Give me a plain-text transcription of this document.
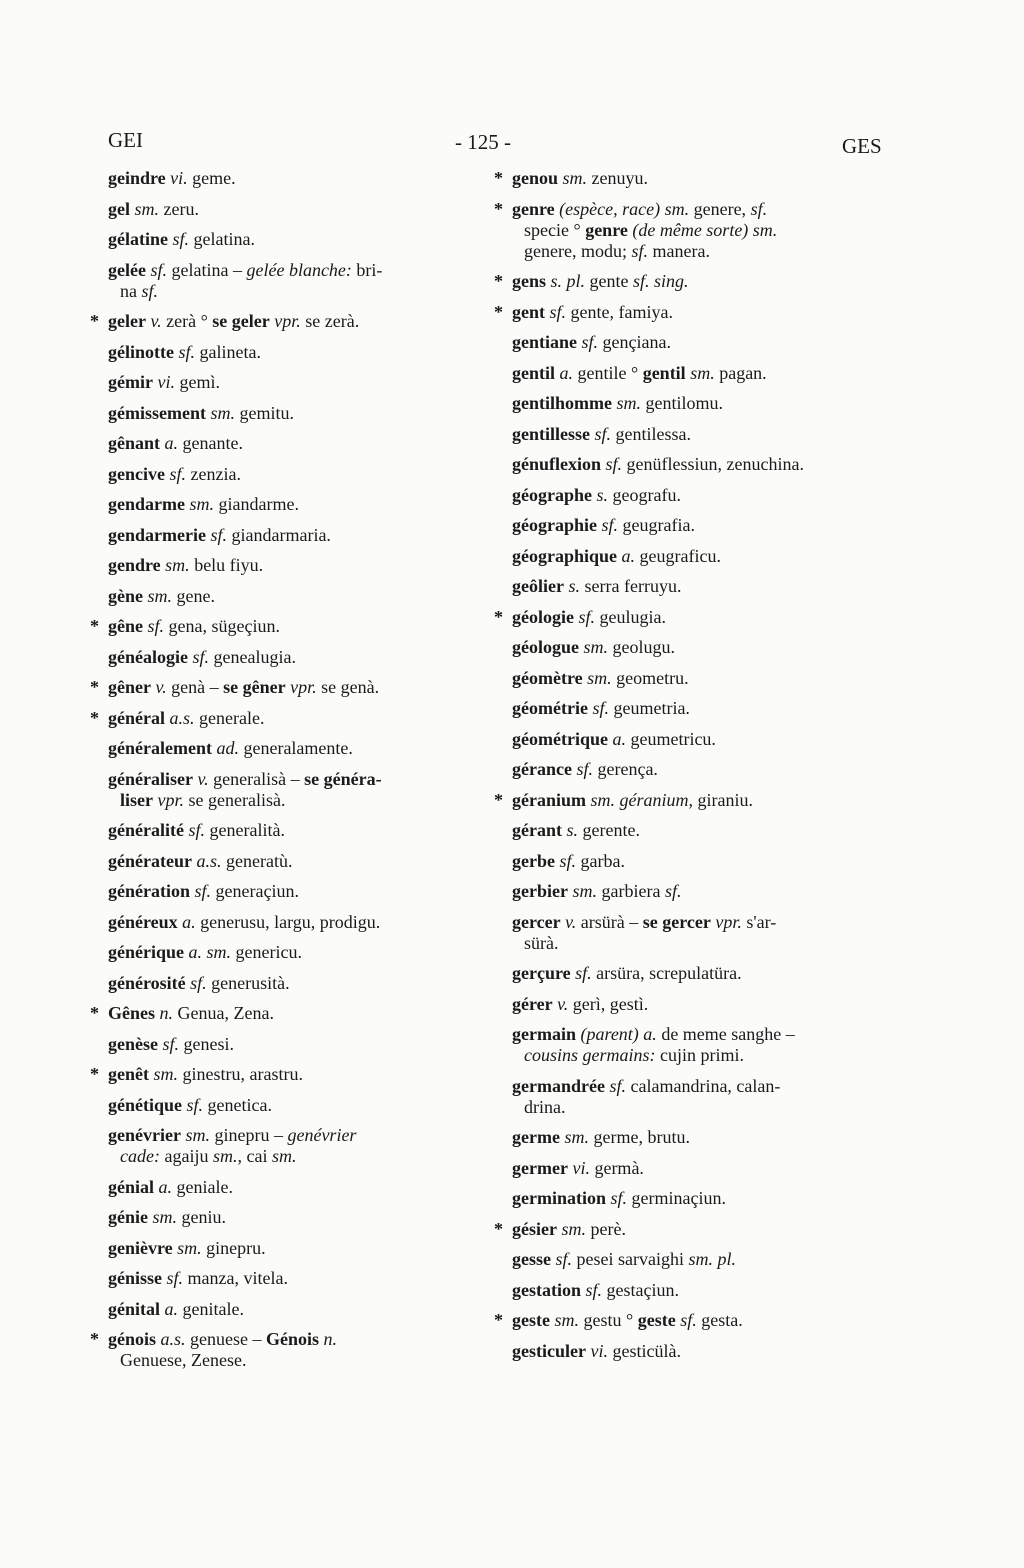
GEI	- 125 -	GES
geindre vi. geme.
gel sm. zeru.
gélatine sf. gelatina.
gelée sf. gelatina – gelée blanche: bri-
na sf.
* geler v. zerà ° se geler vpr. se zerà.
gélinotte sf. galineta.
gémir vi. gemì.
gémissement sm. gemitu.
gênant a. genante.
gencive sf. zenzia.
gendarme sm. giandarme.
gendarmerie sf. giandarmaria.
gendre sm. belu fiyu.
gène sm. gene.
* gêne sf. gena, sügeçiun.
généalogie sf. genealugia.
* gêner v. genà – se gêner vpr. se genà.
* général a.s. generale.
généralement ad. generalamente.
généraliser v. generalisà – se généra-
liser vpr. se generalisà.
généralité sf. generalità.
générateur a.s. generatù.
génération sf. generaçiun.
généreux a. generusu, largu, prodigu.
générique a. sm. genericu.
générosité sf. generusità.
* Gênes n. Genua, Zena.
genèse sf. genesi.
* genêt sm. ginestru, arastru.
génétique sf. genetica.
genévrier sm. ginepru – genévrier
cade: agaiju sm., cai sm.
génial a. geniale.
génie sm. geniu.
genièvre sm. ginepru.
génisse sf. manza, vitela.
génital a. genitale.
* génois a.s. genuese – Génois n.
Genuese, Zenese.
* genou sm. zenuyu.
* genre (espèce, race) sm. genere, sf.
specie ° genre (de même sorte) sm.
genere, modu; sf. manera.
* gens s. pl. gente sf. sing.
* gent sf. gente, famiya.
gentiane sf. gençiana.
gentil a. gentile ° gentil sm. pagan.
gentilhomme sm. gentilomu.
gentillesse sf. gentilessa.
génuflexion sf. genüflessiun, zenuchina.
géographe s. geografu.
géographie sf. geugrafia.
géographique a. geugraficu.
geôlier s. serra ferruyu.
* géologie sf. geulugia.
géologue sm. geolugu.
géomètre sm. geometru.
géométrie sf. geumetria.
géométrique a. geumetricu.
gérance sf. gerença.
* géranium sm. géranium, giraniu.
gérant s. gerente.
gerbe sf. garba.
gerbier sm. garbiera sf.
gercer v. arsürà – se gercer vpr. s'ar-
sürà.
gerçure sf. arsüra, screpulatüra.
gérer v. gerì, gestì.
germain (parent) a. de meme sanghe –
cousins germains: cujin primi.
germandrée sf. calamandrina, calan-
drina.
germe sm. germe, brutu.
germer vi. germà.
germination sf. germinaçiun.
* gésier sm. perè.
gesse sf. pesei sarvaighi sm. pl.
gestation sf. gestaçiun.
* geste sm. gestu ° geste sf. gesta.
gesticuler vi. gesticülà.
